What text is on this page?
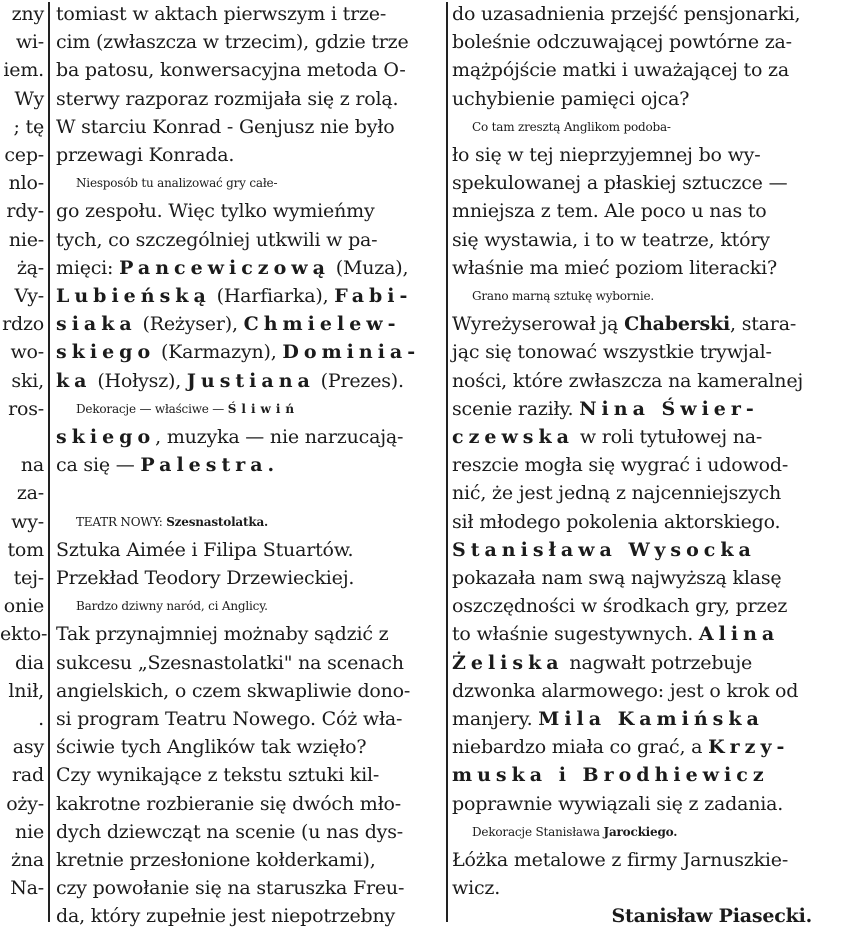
zny
wi-
iem.
Wy
; tę
cep-
nlo-
rdy-
nie-
żą-
Vy-
rdzo
wo-
ski,
ros-
na
za-
wy-
tom
tej-
onie
ekto-
dia
lnił,
.
asy
rad
oży-
nie
żna
Na-
tomiast w aktach pierwszym i trze-
cim (zwłaszcza w trzecim), gdzie trze
ba patosu, konwersacyjna metoda O-
sterwy razporaz rozmijała się z rolą.
W starciu Konrad - Genjusz nie było
przewagi Konrada.
Niesposób tu analizować gry całe-
go zespołu. Więc tylko wymieńmy
tych, co szczególniej utkwili w pa-
mięci: Pancewiczową (Muza),
Lubieńską (Harfiarka), Fabi-
siaka (Reżyser), Chmielew-
skiego (Karmazyn), Dominia-
ka (Hołysz), Justiana (Prezes).
Dekoracje — właściwe — Śliwiń
skiego, muzyka — nie narzucają-
ca się — Palestra.
TEATR NOWY: Szesnastolatka.
Sztuka Aimée i Filipa Stuartów.
Przekład Teodory Drzewieckiej.
Bardzo dziwny naród, ci Anglicy.
Tak przynajmniej możnaby sądzić z
sukcesu „Szesnastolatki" na scenach
angielskich, o czem skwapliwie dono-
si program Teatru Nowego. Cóż wła-
ściwie tych Anglików tak wzięło?
Czy wynikające z tekstu sztuki kil-
kakrotne rozbieranie się dwóch mło-
dych dziewcząt na scenie (u nas dys-
kretnie przesłonione kołderkami),
czy powołanie się na staruszka Freu-
da, który zupełnie jest niepotrzebny
do uzasadnienia przejść pensjonarki,
boleśnie odczuwającej powtórne za-
mążpójście matki i uważającej to za
uchybienie pamięci ojca?
Co tam zresztą Anglikom podoba-
ło się w tej nieprzyjemnej bo wy-
spekulowanej a płaskiej sztuczce —
mniejsza z tem. Ale poco u nas to
się wystawia, i to w teatrze, który
właśnie ma mieć poziom literacki?
Grano marną sztukę wybornie.
Wyreżyserował ją Chaberski, stara-
jąc się tonować wszystkie trywjal-
ności, które zwłaszcza na kameralnej
scenie raziły. Nina Świer-
czewska w roli tytułowej na-
reszcie mogła się wygrać i udowod-
nić, że jest jedną z najcenniejszych
sił młodego pokolenia aktorskiego.
Stanisława Wysocka
pokazała nam swą najwyższą klasę
oszczędności w środkach gry, przez
to właśnie sugestywnych. Alina
Żeliska nagwałt potrzebuje
dzwonka alarmowego: jest o krok od
manjery. Mila Kamińska
niebardzo miała co grać, a Krzy-
muska i Brodhiewicz
poprawnie wywiązali się z zadania.
Dekoracje Stanisława Jarockiego.
Łóżka metalowe z firmy Jarnuszkie-
wicz.
Stanisław Piasecki.
